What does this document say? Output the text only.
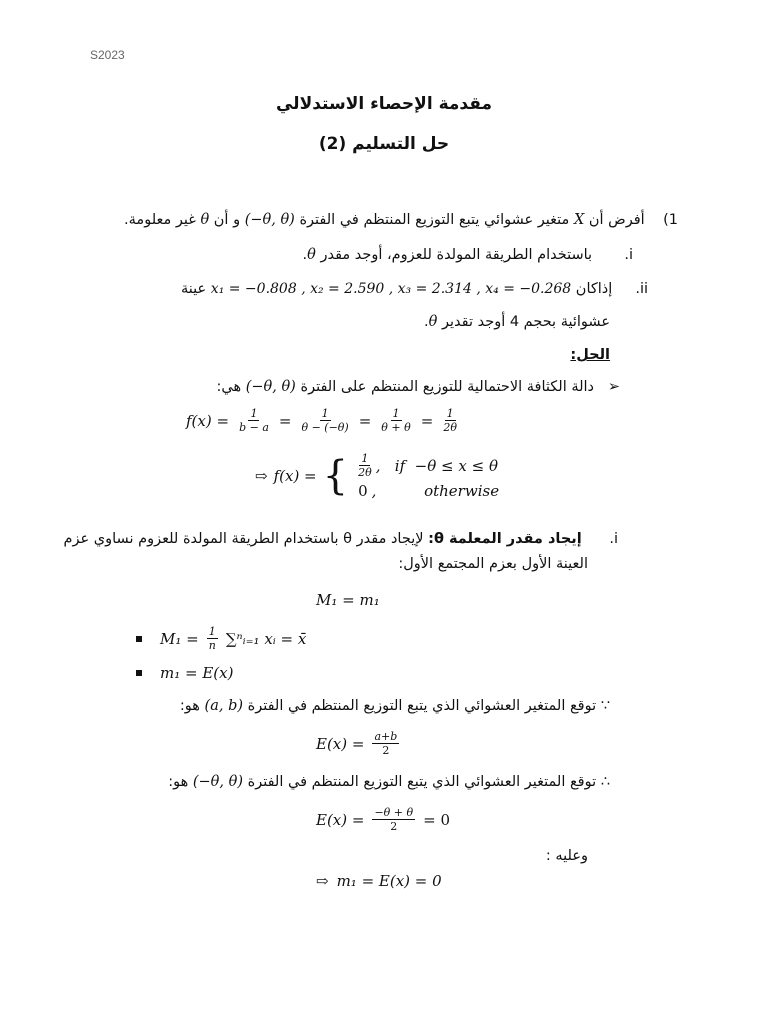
S2023
مقدمة الإحصاء الاستدلالي
حل التسليم (2)
1)    أفرض أن X متغير عشوائي يتبع التوزيع المنتظم في الفترة (−θ, θ) و أن θ غير معلومة.
i.       باستخدام الطريقة المولدة للعزوم، أوجد مقدر θ.
ii.     إذاكان x₁ = −0.808 , x₂ = 2.590 , x₃ = 2.314 , x₄ = −0.268 عينة
عشوائية بحجم 4 أوجد تقدير θ.
الحل:
➢   دالة الكثافة الاحتمالية للتوزيع المنتظم على الفترة (−θ, θ) هي:
$f(x) = \frac{1}{b - a} = \frac{1}{\theta - (-\theta)} = \frac{1}{\theta + \theta} = \frac{1}{2\theta}$
⇨ f(x) = { $\frac{1}{2\theta}$ ,   if  −θ ≤ x ≤ θ
0 ,          otherwise
i.      إيجاد مقدر المعلمة θ: لإيجاد مقدر θ باستخدام الطريقة المولدة للعزوم نساوي عزم
العينة الأول بعزم المجتمع الأول:
M₁ = m₁
$M_1 = \frac{1}{n}$ ∑ⁿᵢ₌₁ xᵢ = x̄
m₁ = E(x)
∵ توقع المتغير العشوائي الذي يتبع التوزيع المنتظم في الفترة (a, b) هو:
$E(x) = \frac{a+b}{2}$
∴ توقع المتغير العشوائي الذي يتبع التوزيع المنتظم في الفترة (−θ, θ) هو:
$E(x) = \frac{-\theta + \theta}{2} = 0$
وعليه :
⇨ m₁ = E(x) = 0
